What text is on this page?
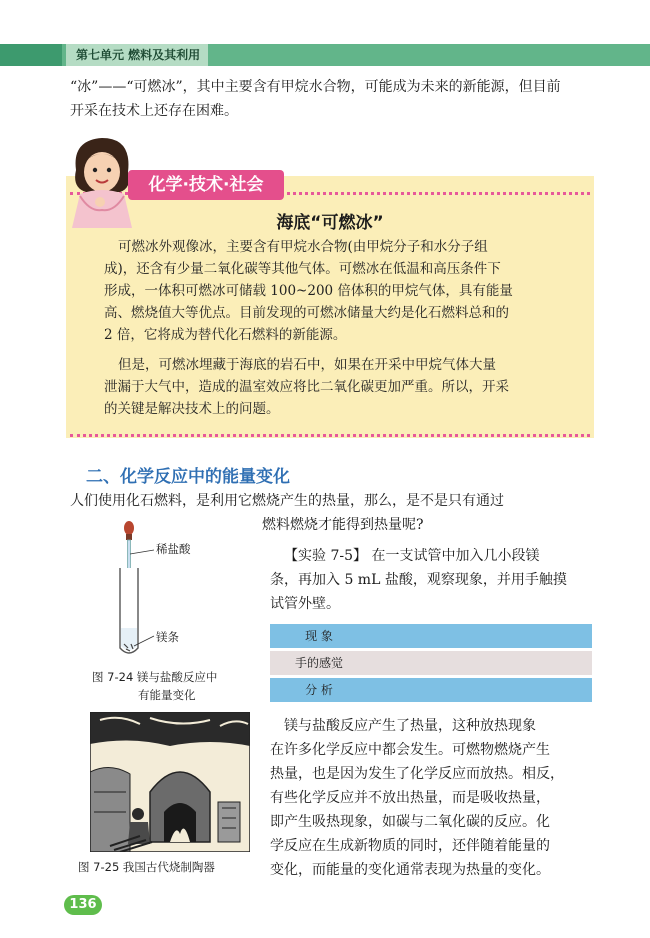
第七单元 燃料及其利用
“冰”——“可燃冰”，其中主要含有甲烷水合物，可能成为未来的新能源，但目前
开采在技术上还存在困难。
化学·技术·社会
海底“可燃冰”
可燃冰外观像冰，主要含有甲烷水合物(由甲烷分子和水分子组
成)，还含有少量二氧化碳等其他气体。可燃冰在低温和高压条件下
形成，一体积可燃冰可储载 100~200 倍体积的甲烷气体，具有能量
高、燃烧值大等优点。目前发现的可燃冰储量大约是化石燃料总和的
2 倍，它将成为替代化石燃料的新能源。
但是，可燃冰埋藏于海底的岩石中，如果在开采中甲烷气体大量
泄漏于大气中，造成的温室效应将比二氧化碳更加严重。所以，开采
的关键是解决技术上的问题。
二、化学反应中的能量变化
人们使用化石燃料，是利用它燃烧产生的热量，那么，是不是只有通过
燃料燃烧才能得到热量呢?
【实验 7-5】 在一支试管中加入几小段镁
条，再加入 5 mL 盐酸，观察现象，并用手触摸
试管外壁。
稀盐酸
镁条
图 7-24 镁与盐酸反应中
有能量变化
现 象
手的感觉
分 析
图 7-25 我国古代烧制陶器
镁与盐酸反应产生了热量，这种放热现象
在许多化学反应中都会发生。可燃物燃烧产生
热量，也是因为发生了化学反应而放热。相反，
有些化学反应并不放出热量，而是吸收热量，
即产生吸热现象，如碳与二氧化碳的反应。化
学反应在生成新物质的同时，还伴随着能量的
变化，而能量的变化通常表现为热量的变化。
136
